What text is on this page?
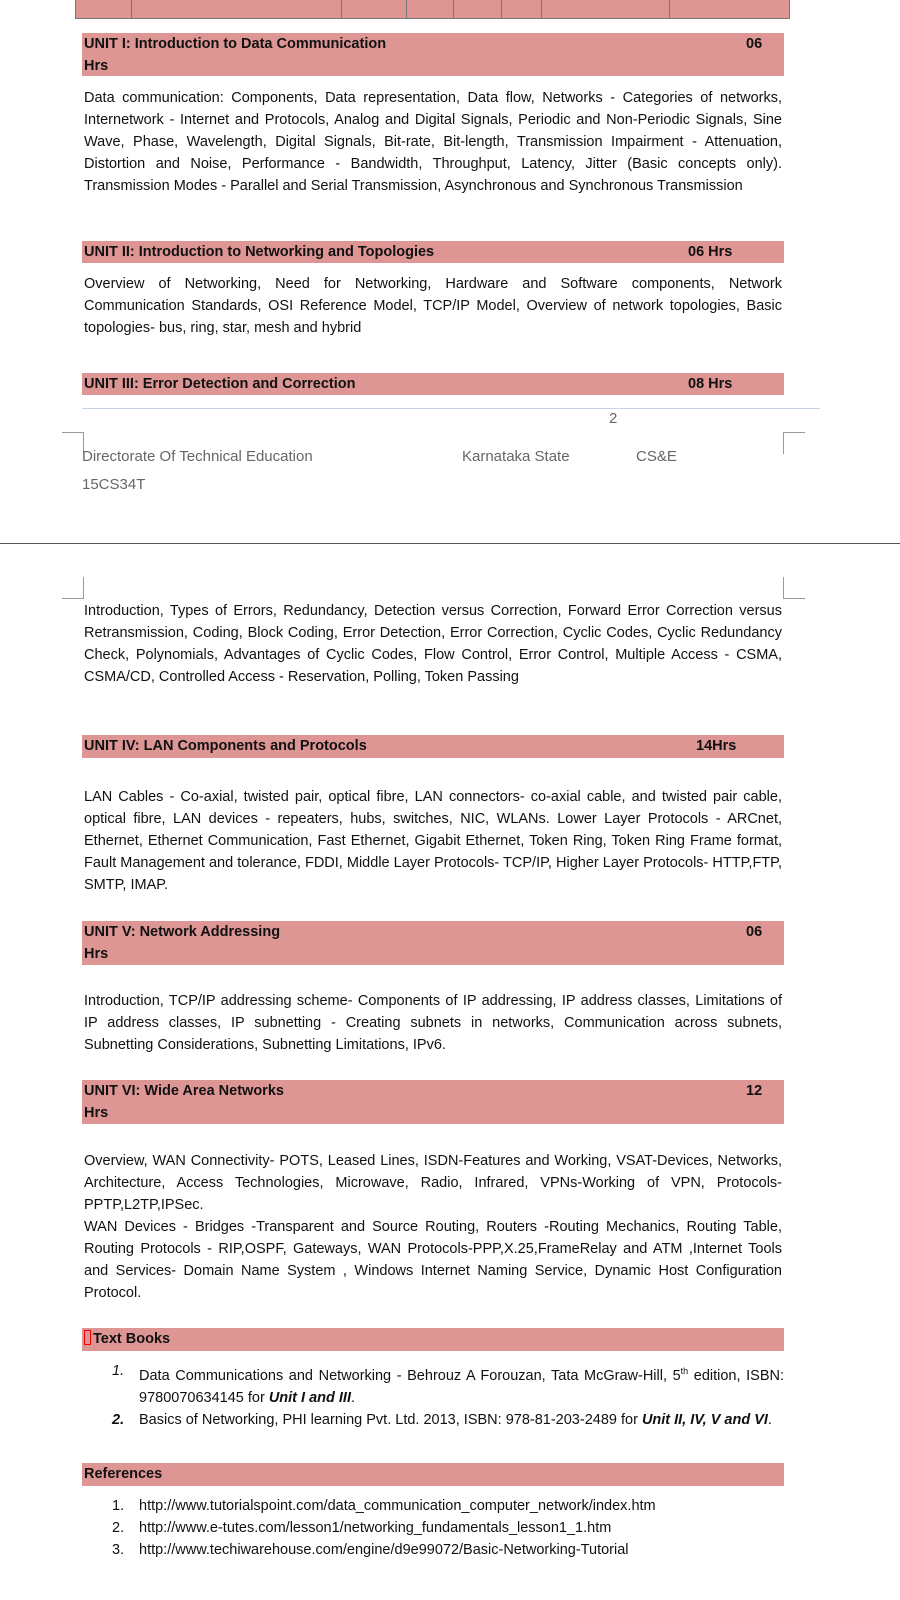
UNIT I: Introduction to Data Communication	06
Hrs
Data communication: Components, Data representation, Data flow, Networks - Categories of networks, Internetwork - Internet and Protocols, Analog and Digital Signals, Periodic and Non-Periodic Signals, Sine Wave, Phase, Wavelength, Digital Signals, Bit-rate, Bit-length, Transmission Impairment - Attenuation, Distortion and Noise, Performance - Bandwidth, Throughput, Latency, Jitter (Basic concepts only). Transmission Modes - Parallel and Serial Transmission, Asynchronous and Synchronous Transmission
UNIT II: Introduction to Networking and Topologies	06 Hrs
Overview of Networking, Need for Networking, Hardware and Software components, Network Communication Standards, OSI Reference Model, TCP/IP Model, Overview of network topologies, Basic topologies- bus, ring, star, mesh and hybrid
UNIT III: Error Detection and Correction	08 Hrs
2
Directorate Of Technical Education	Karnataka State	CS&E
15CS34T
Introduction, Types of Errors, Redundancy, Detection versus Correction, Forward Error Correction versus Retransmission, Coding, Block Coding, Error Detection, Error Correction, Cyclic Codes, Cyclic Redundancy Check, Polynomials, Advantages of Cyclic Codes, Flow Control, Error Control, Multiple Access - CSMA, CSMA/CD, Controlled Access - Reservation, Polling, Token Passing
UNIT IV: LAN Components and Protocols	14Hrs
LAN Cables - Co-axial, twisted pair, optical fibre, LAN connectors- co-axial cable, and twisted pair cable, optical fibre, LAN devices - repeaters, hubs, switches, NIC, WLANs. Lower Layer Protocols - ARCnet, Ethernet, Ethernet Communication, Fast Ethernet, Gigabit Ethernet, Token Ring, Token Ring Frame format, Fault Management and tolerance, FDDI, Middle Layer Protocols- TCP/IP, Higher Layer Protocols- HTTP,FTP, SMTP, IMAP.
UNIT V: Network Addressing	06
Hrs
Introduction, TCP/IP addressing scheme- Components of IP addressing, IP address classes, Limitations of IP address classes, IP subnetting - Creating subnets in networks, Communication across subnets, Subnetting Considerations, Subnetting Limitations, IPv6.
UNIT VI: Wide Area Networks	12
Hrs
Overview, WAN Connectivity- POTS, Leased Lines, ISDN-Features and Working, VSAT-Devices, Networks, Architecture, Access Technologies, Microwave, Radio, Infrared, VPNs-Working of VPN, Protocols-PPTP,L2TP,IPSec.
WAN Devices - Bridges -Transparent and Source Routing, Routers -Routing Mechanics, Routing Table, Routing Protocols - RIP,OSPF, Gateways, WAN Protocols-PPP,X.25,FrameRelay and ATM ,Internet Tools and Services- Domain Name System , Windows Internet Naming Service, Dynamic Host Configuration Protocol.
Text Books
1. Data Communications and Networking - Behrouz A Forouzan, Tata McGraw-Hill, 5th edition, ISBN: 9780070634145 for Unit I and III.
2. Basics of Networking, PHI learning Pvt. Ltd. 2013, ISBN: 978-81-203-2489 for Unit II, IV, V and VI.
References
1. http://www.tutorialspoint.com/data_communication_computer_network/index.htm
2. http://www.e-tutes.com/lesson1/networking_fundamentals_lesson1_1.htm
3. http://www.techiwarehouse.com/engine/d9e99072/Basic-Networking-Tutorial
